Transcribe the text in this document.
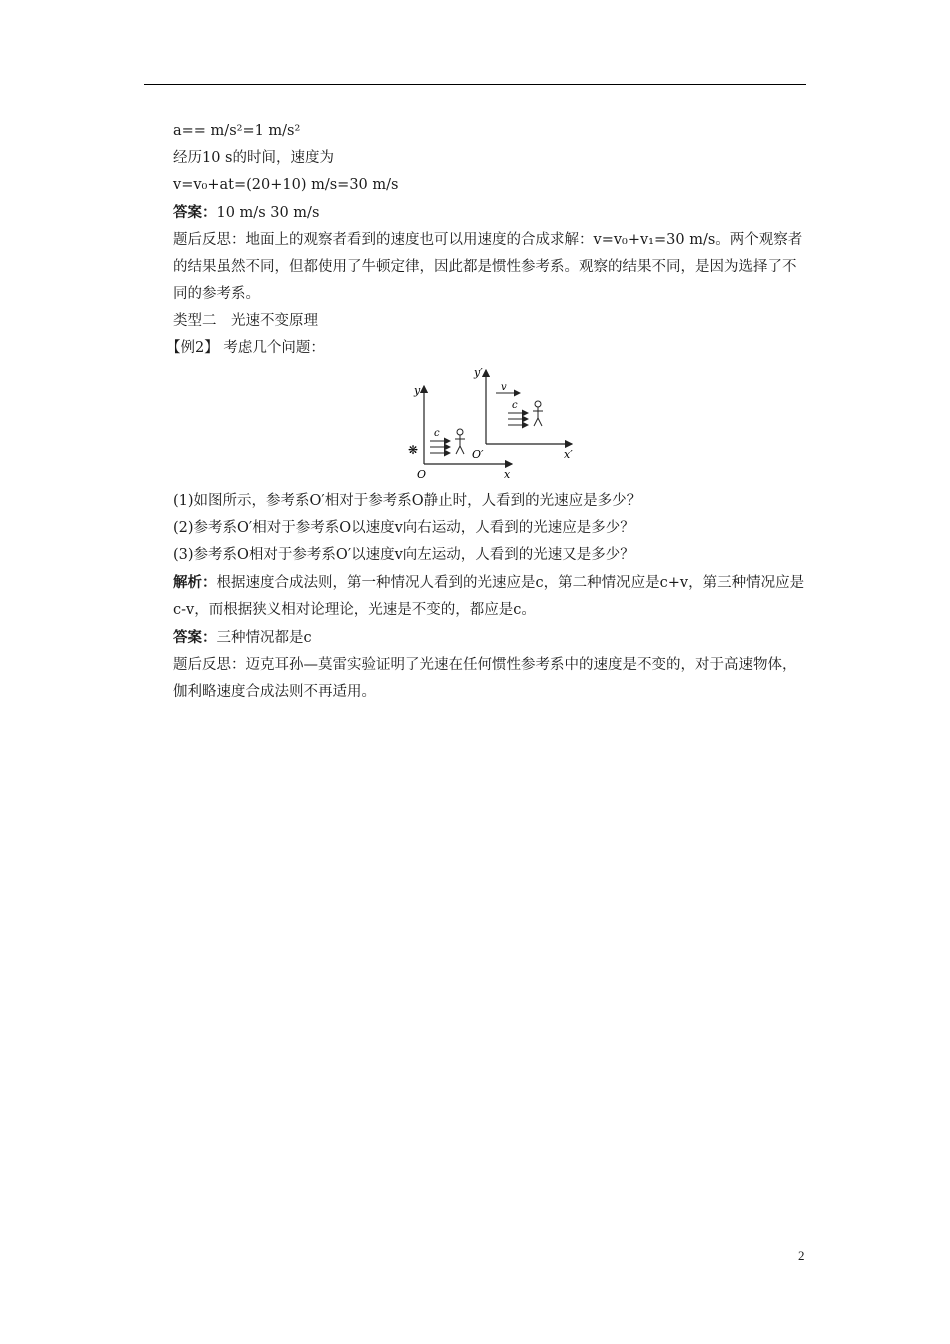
a== m/s²=1 m/s²

经历10 s的时间，速度为

v=v₀+at=(20+10) m/s=30 m/s

答案：10 m/s 30 m/s

题后反思：地面上的观察者看到的速度也可以用速度的合成求解：v=v₀+v₁=30 m/s。两个观察者的结果虽然不同，但都使用了牛顿定律，因此都是惯性参考系。观察的结果不同，是因为选择了不同的参考系。

类型二　光速不变原理

【例2】 考虑几个问题：

y
x
O
y′
x′
O′
v
❋
c
c

(1)如图所示，参考系O′相对于参考系O静止时，人看到的光速应是多少？

(2)参考系O′相对于参考系O以速度v向右运动，人看到的光速应是多少？

(3)参考系O相对于参考系O′以速度v向左运动，人看到的光速又是多少？

解析：根据速度合成法则，第一种情况人看到的光速应是c，第二种情况应是c+v，第三种情况应是c-v，而根据狭义相对论理论，光速是不变的，都应是c。

答案：三种情况都是c

题后反思：迈克耳孙—莫雷实验证明了光速在任何惯性参考系中的速度是不变的，对于高速物体，伽利略速度合成法则不再适用。

2
